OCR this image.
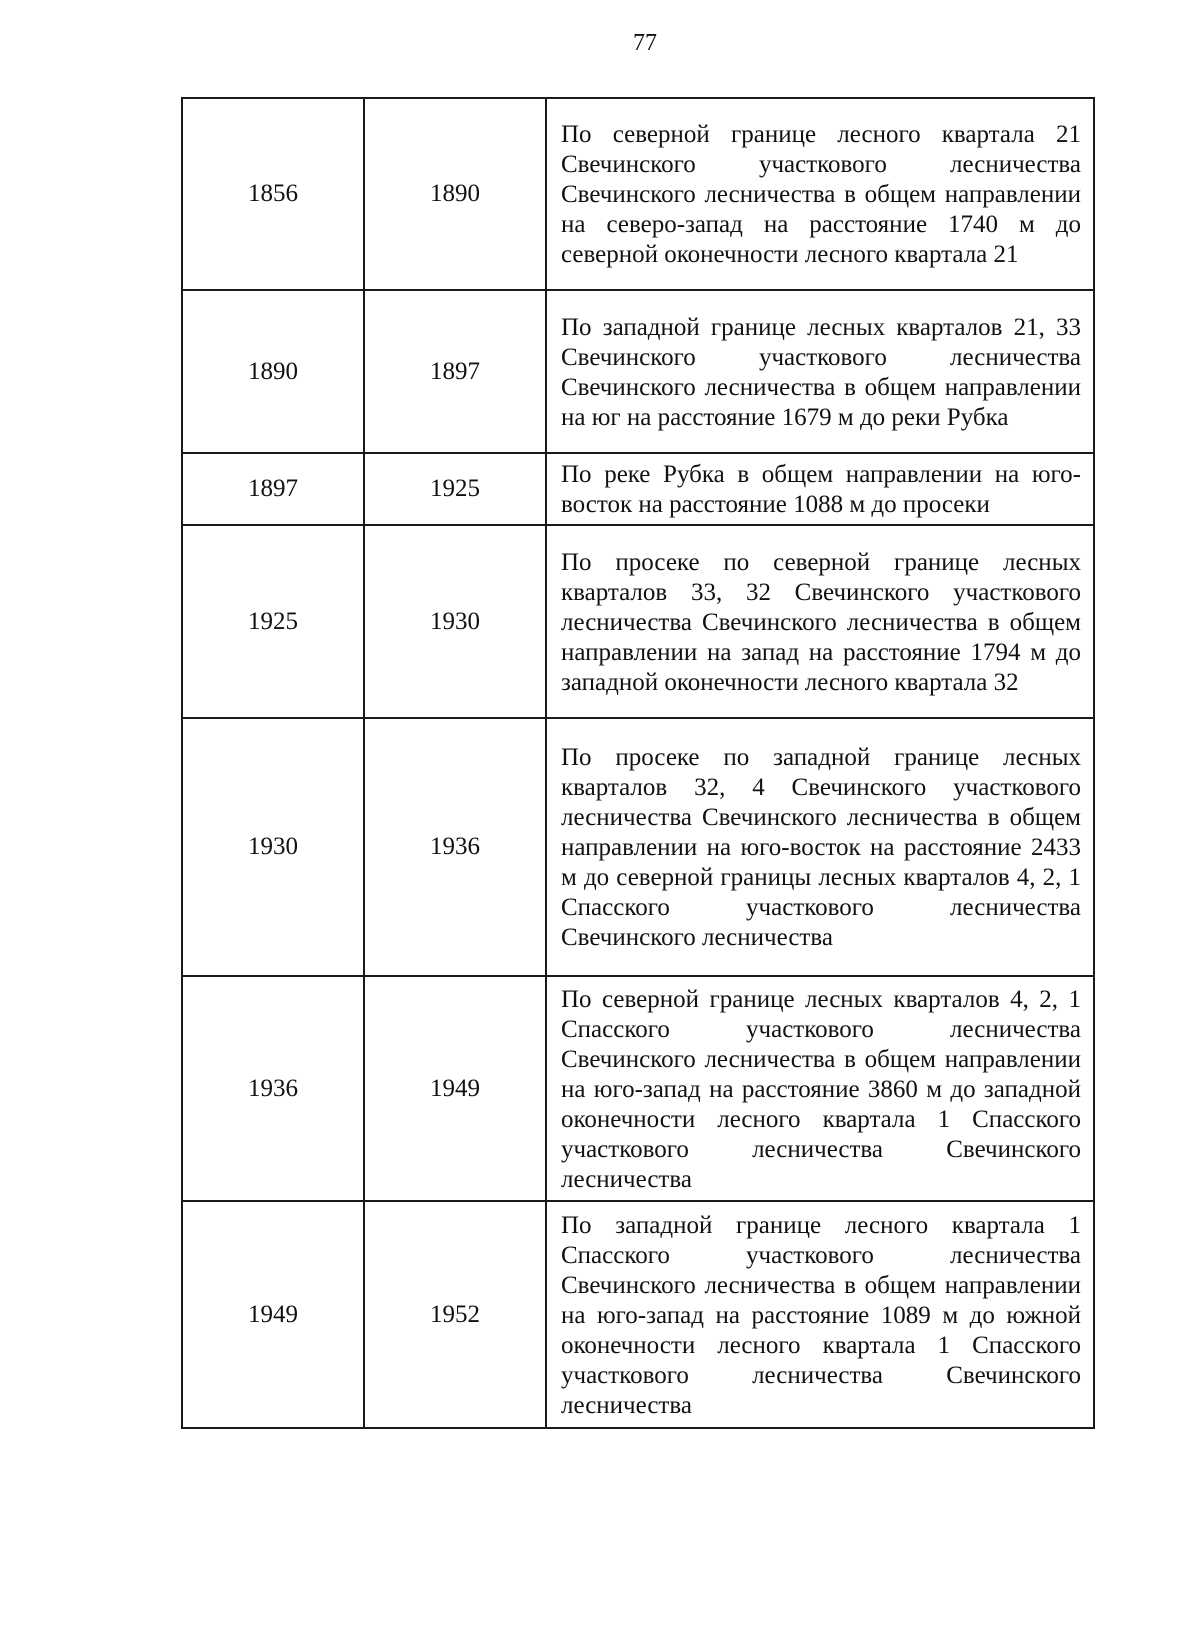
77
1856	1890	По северной границе лесного квартала 21 Свечинского участкового лесничества Свечинского лесничества в общем направлении на северо-запад на расстояние 1740 м до северной оконечности лесного квартала 21
1890	1897	По западной границе лесных кварталов 21, 33 Свечинского участкового лесничества Свечинского лесничества в общем направлении на юг на расстояние 1679 м до реки Рубка
1897	1925	По реке Рубка в общем направлении на юго-восток на расстояние 1088 м до просеки
1925	1930	По просеке по северной границе лесных кварталов 33, 32 Свечинского участкового лесничества Свечинского лесничества в общем направлении на запад на расстояние 1794 м до западной оконечности лесного квартала 32
1930	1936	По просеке по западной границе лесных кварталов 32, 4 Свечинского участкового лесничества Свечинского лесничества в общем направлении на юго-восток на расстояние 2433 м до северной границы лесных кварталов 4, 2, 1 Спасского участкового лесничества Свечинского лесничества
1936	1949	По северной границе лесных кварталов 4, 2, 1 Спасского участкового лесничества Свечинского лесничества в общем направлении на юго-запад на расстояние 3860 м до западной оконечности лесного квартала 1 Спасского участкового лесничества Свечинского лесничества
1949	1952	По западной границе лесного квартала 1 Спасского участкового лесничества Свечинского лесничества в общем направлении на юго-запад на расстояние 1089 м до южной оконечности лесного квартала 1 Спасского участкового лесничества Свечинского лесничества
